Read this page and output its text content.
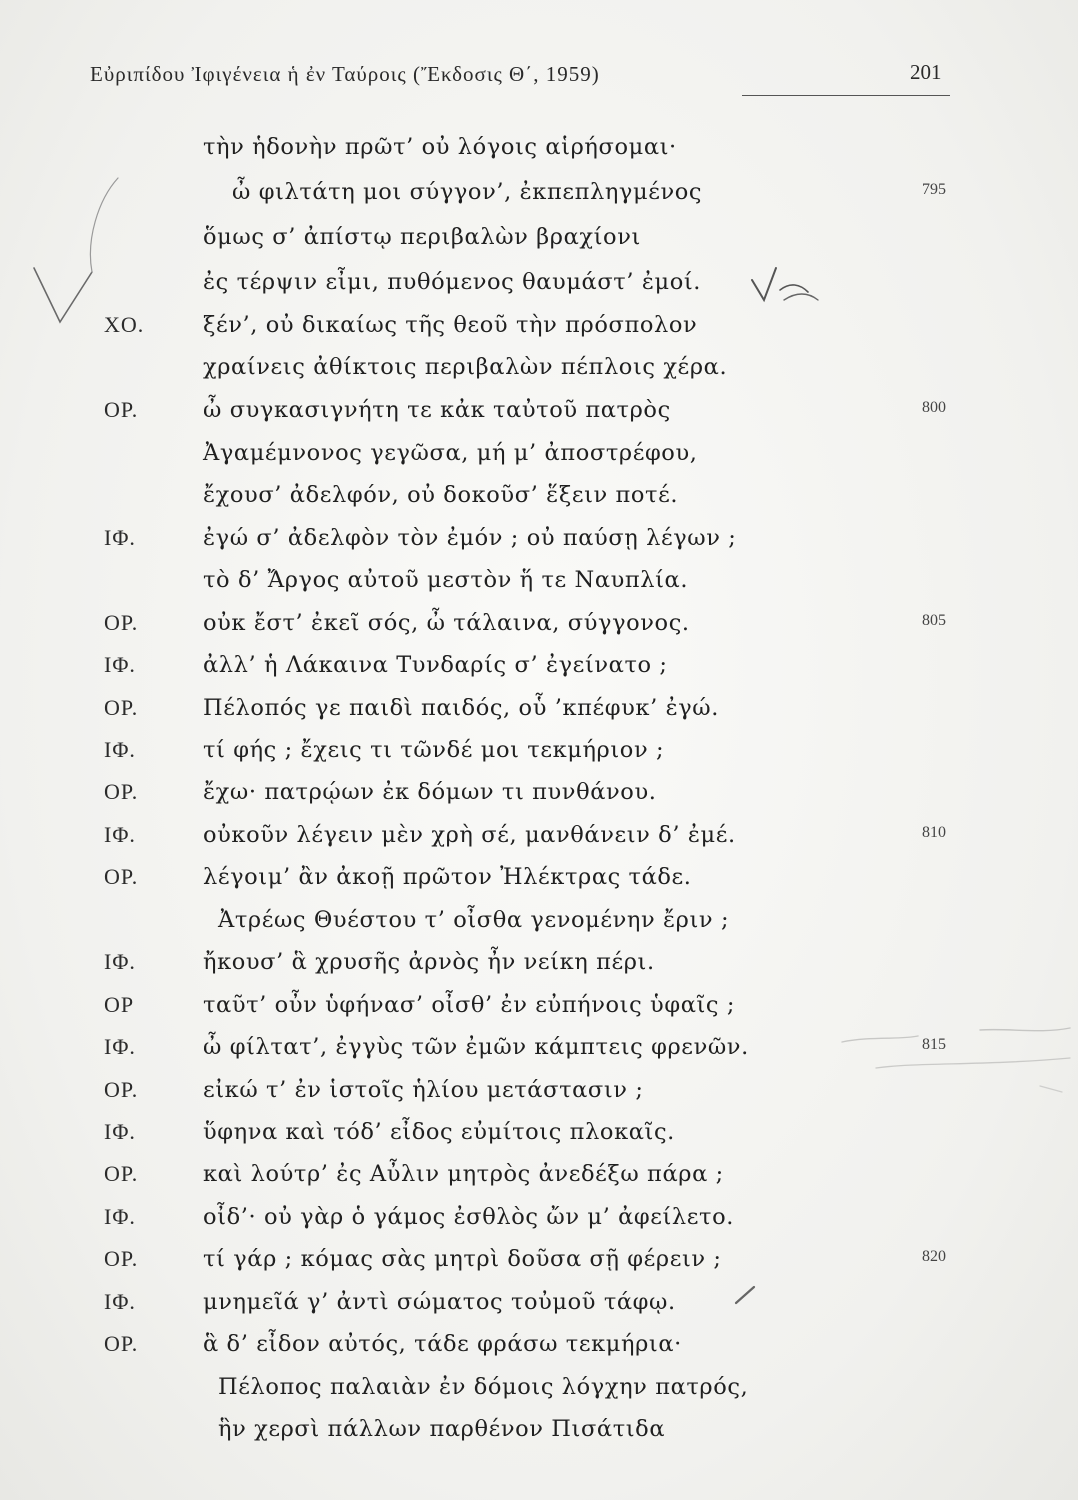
Εὐριπίδου Ἰφιγένεια ἡ ἐν Ταύροις (Ἔκδοσις Θ΄, 1959)	201
τὴν ἡδονὴν πρῶτ’ οὐ λόγοις αἱρήσομαι·
ὦ φιλτάτη μοι σύγγον’, ἐκπεπληγμένος	795
ὅμως σ’ ἀπίστῳ περιβαλὼν βραχίονι
ἐς τέρψιν εἶμι, πυθόμενος θαυμάστ’ ἐμοί.
ΧΟ.	ξέν’, οὐ δικαίως τῆς θεοῦ τὴν πρόσπολον
χραίνεις ἀθίκτοις περιβαλὼν πέπλοις χέρα.
ΟΡ.	ὦ συγκασιγνήτη τε κἀκ ταὐτοῦ πατρὸς	800
Ἀγαμέμνονος γεγῶσα, μή μ’ ἀποστρέφου,
ἔχουσ’ ἀδελφόν, οὐ δοκοῦσ’ ἕξειν ποτέ.
ΙΦ.	ἐγώ σ’ ἀδελφὸν τὸν ἐμόν ; οὐ παύσῃ λέγων ;
τὸ δ’ Ἄργος αὐτοῦ μεστὸν ἥ τε Ναυπλία.
ΟΡ.	οὐκ ἔστ’ ἐκεῖ σός, ὦ τάλαινα, σύγγονος.	805
ΙΦ.	ἀλλ’ ἡ Λάκαινα Τυνδαρίς σ’ ἐγείνατο ;
ΟΡ.	Πέλοπός γε παιδὶ παιδός, οὗ ’κπέφυκ’ ἐγώ.
ΙΦ.	τί φής ; ἔχεις τι τῶνδέ μοι τεκμήριον ;
ΟΡ.	ἔχω· πατρῴων ἐκ δόμων τι πυνθάνου.
ΙΦ.	οὐκοῦν λέγειν μὲν χρὴ σέ, μανθάνειν δ’ ἐμέ.	810
ΟΡ.	λέγοιμ’ ἂν ἀκοῇ πρῶτον Ἠλέκτρας τάδε.
Ἀτρέως Θυέστου τ’ οἶσθα γενομένην ἔριν ;
ΙΦ.	ἤκουσ’ ἃ χρυσῆς ἀρνὸς ἦν νείκη πέρι.
ΟΡ	ταῦτ’ οὖν ὑφήνασ’ οἶσθ’ ἐν εὐπήνοις ὑφαῖς ;
ΙΦ.	ὦ φίλτατ’, ἐγγὺς τῶν ἐμῶν κάμπτεις φρενῶν.	815
ΟΡ.	εἰκώ τ’ ἐν ἱστοῖς ἡλίου μετάστασιν ;
ΙΦ.	ὕφηνα καὶ τόδ’ εἶδος εὐμίτοις πλοκαῖς.
ΟΡ.	καὶ λούτρ’ ἐς Αὖλιν μητρὸς ἀνεδέξω πάρα ;
ΙΦ.	οἶδ’· οὐ γὰρ ὁ γάμος ἐσθλὸς ὤν μ’ ἀφείλετο.
ΟΡ.	τί γάρ ; κόμας σὰς μητρὶ δοῦσα σῇ φέρειν ;	820
ΙΦ.	μνημεῖά γ’ ἀντὶ σώματος τοὐμοῦ τάφῳ.
ΟΡ.	ἃ δ’ εἶδον αὐτός, τάδε φράσω τεκμήρια·
Πέλοπος παλαιὰν ἐν δόμοις λόγχην πατρός,
ἣν χερσὶ πάλλων παρθένον Πισάτιδα
